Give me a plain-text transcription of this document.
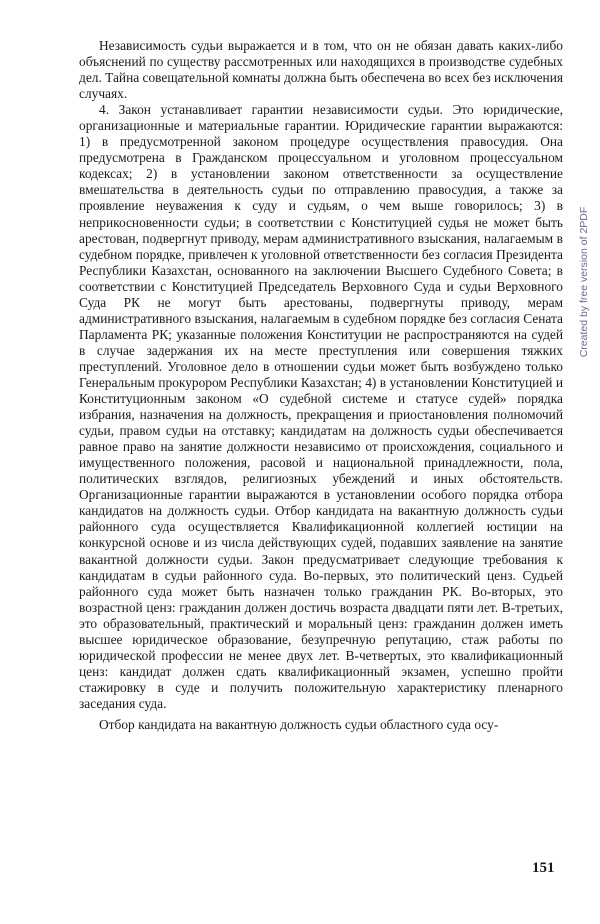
Независимость судьи выражается и в том, что он не обязан давать каких-либо объяснений по существу рассмотренных или находящихся в производстве судебных дел. Тайна совещательной комнаты должна быть обеспечена во всех без исключения случаях.

4. Закон устанавливает гарантии независимости судьи. Это юридические, организационные и материальные гарантии. Юридические гарантии выражаются: 1) в предусмотренной законом процедуре осуществления правосудия. Она предусмотрена в Гражданском процессуальном и уголовном процессуальном кодексах; 2) в установлении законом ответственности за осуществление вмешательства в деятельность судьи по отправлению правосудия, а также за проявление неуважения к суду и судьям, о чем выше говорилось; 3) в неприкосновенности судьи; в соответствии с Конституцией судья не может быть арестован, подвергнут приводу, мерам административного взыскания, налагаемым в судебном порядке, привлечен к уголовной ответственности без согласия Президента Республики Казахстан, основанного на заключении Высшего Судебного Совета; в соответствии с Конституцией Председатель Верховного Суда и судьи Верховного Суда РК не могут быть арестованы, подвергнуты приводу, мерам административного взыскания, налагаемым в судебном порядке без согласия Сената Парламента РК; указанные положения Конституции не распространяются на судей в случае задержания их на месте преступления или совершения тяжких преступлений. Уголовное дело в отношении судьи может быть возбуждено только Генеральным прокурором Республики Казахстан; 4) в установлении Конституцией и Конституционным законом «О судебной системе и статусе судей» порядка избрания, назначения на должность, прекращения и приостановления полномочий судьи, правом судьи на отставку; кандидатам на должность судьи обеспечивается равное право на занятие должности независимо от происхождения, социального и имущественного положения, расовой и национальной принадлежности, пола, политических взглядов, религиозных убеждений и иных обстоятельств. Организационные гарантии выражаются в установлении особого порядка отбора кандидатов на должность судьи. Отбор кандидата на вакантную должность судьи районного суда осуществляется Квалификационной коллегией юстиции на конкурсной основе и из числа действующих судей, подавших заявление на занятие вакантной должности судьи. Закон предусматривает следующие требования к кандидатам в судьи районного суда. Во-первых, это политический ценз. Судьей районного суда может быть назначен только гражданин РК. Во-вторых, это возрастной ценз: гражданин должен достичь возраста двадцати пяти лет. В-третьих, это образовательный, практический и моральный ценз: гражданин должен иметь высшее юридическое образование, безупречную репутацию, стаж работы по юридической профессии не менее двух лет. В-четвертых, это квалификационный ценз: кандидат должен сдать квалификационный экзамен, успешно пройти стажировку в суде и получить положительную характеристику пленарного заседания суда.

Отбор кандидата на вакантную должность судьи областного суда осу-

151
Created by free version of 2PDF
